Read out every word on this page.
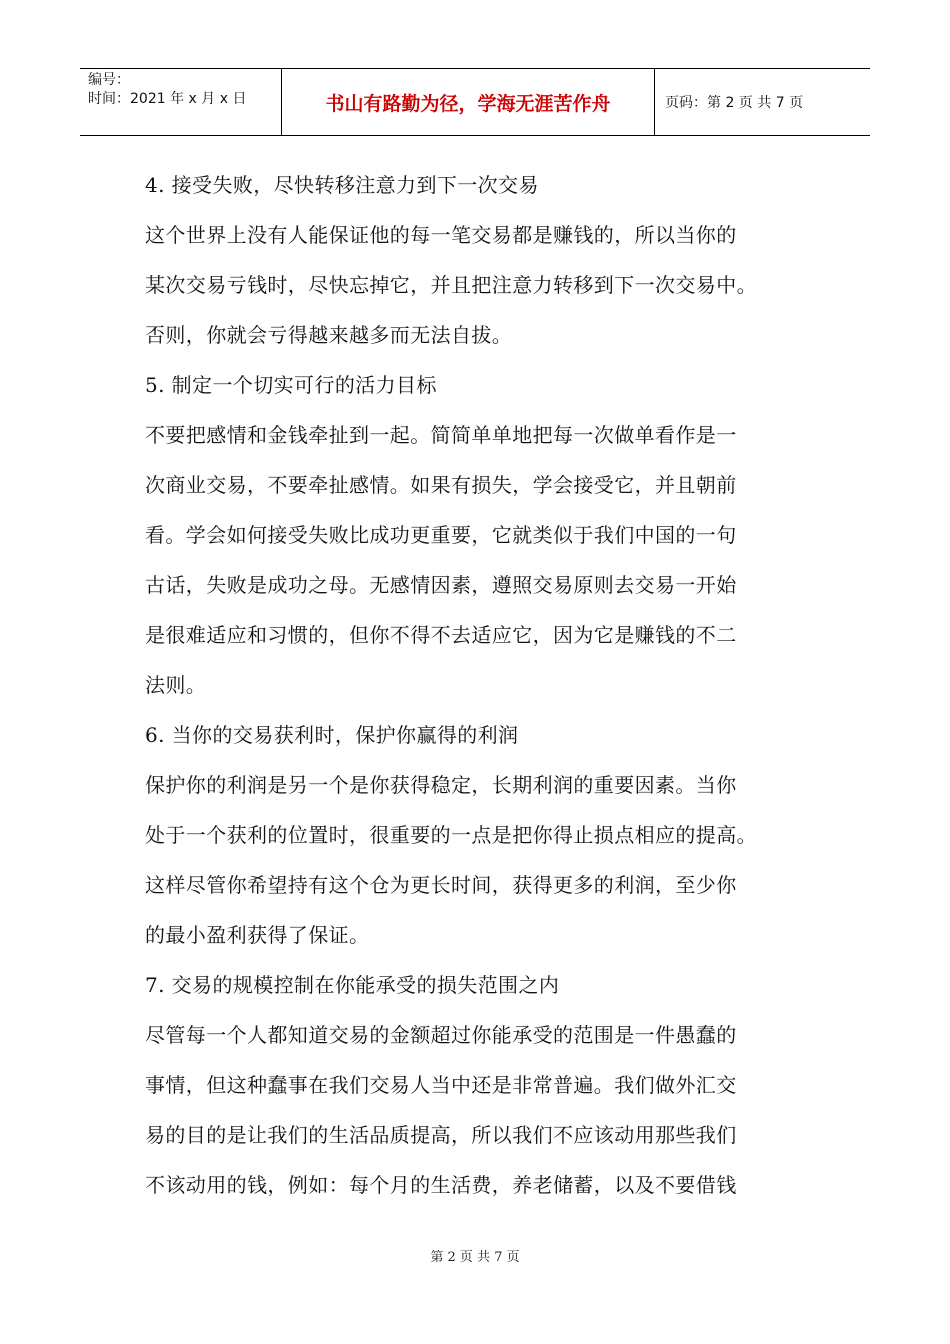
编号：
时间：2021 年 x 月 x 日	书山有路勤为径，学海无涯苦作舟	页码：第 2 页 共 7 页
4. 接受失败，尽快转移注意力到下一次交易
这个世界上没有人能保证他的每一笔交易都是赚钱的，所以当你的
某次交易亏钱时，尽快忘掉它，并且把注意力转移到下一次交易中。
否则，你就会亏得越来越多而无法自拔。
5. 制定一个切实可行的活力目标
不要把感情和金钱牵扯到一起。简简单单地把每一次做单看作是一
次商业交易，不要牵扯感情。如果有损失，学会接受它，并且朝前
看。学会如何接受失败比成功更重要，它就类似于我们中国的一句
古话，失败是成功之母。无感情因素，遵照交易原则去交易一开始
是很难适应和习惯的，但你不得不去适应它，因为它是赚钱的不二
法则。
6. 当你的交易获利时，保护你赢得的利润
保护你的利润是另一个是你获得稳定，长期利润的重要因素。当你
处于一个获利的位置时，很重要的一点是把你得止损点相应的提高。
这样尽管你希望持有这个仓为更长时间，获得更多的利润，至少你
的最小盈利获得了保证。
7. 交易的规模控制在你能承受的损失范围之内
尽管每一个人都知道交易的金额超过你能承受的范围是一件愚蠢的
事情，但这种蠢事在我们交易人当中还是非常普遍。我们做外汇交
易的目的是让我们的生活品质提高，所以我们不应该动用那些我们
不该动用的钱，例如：每个月的生活费，养老储蓄，以及不要借钱
第 2 页 共 7 页
